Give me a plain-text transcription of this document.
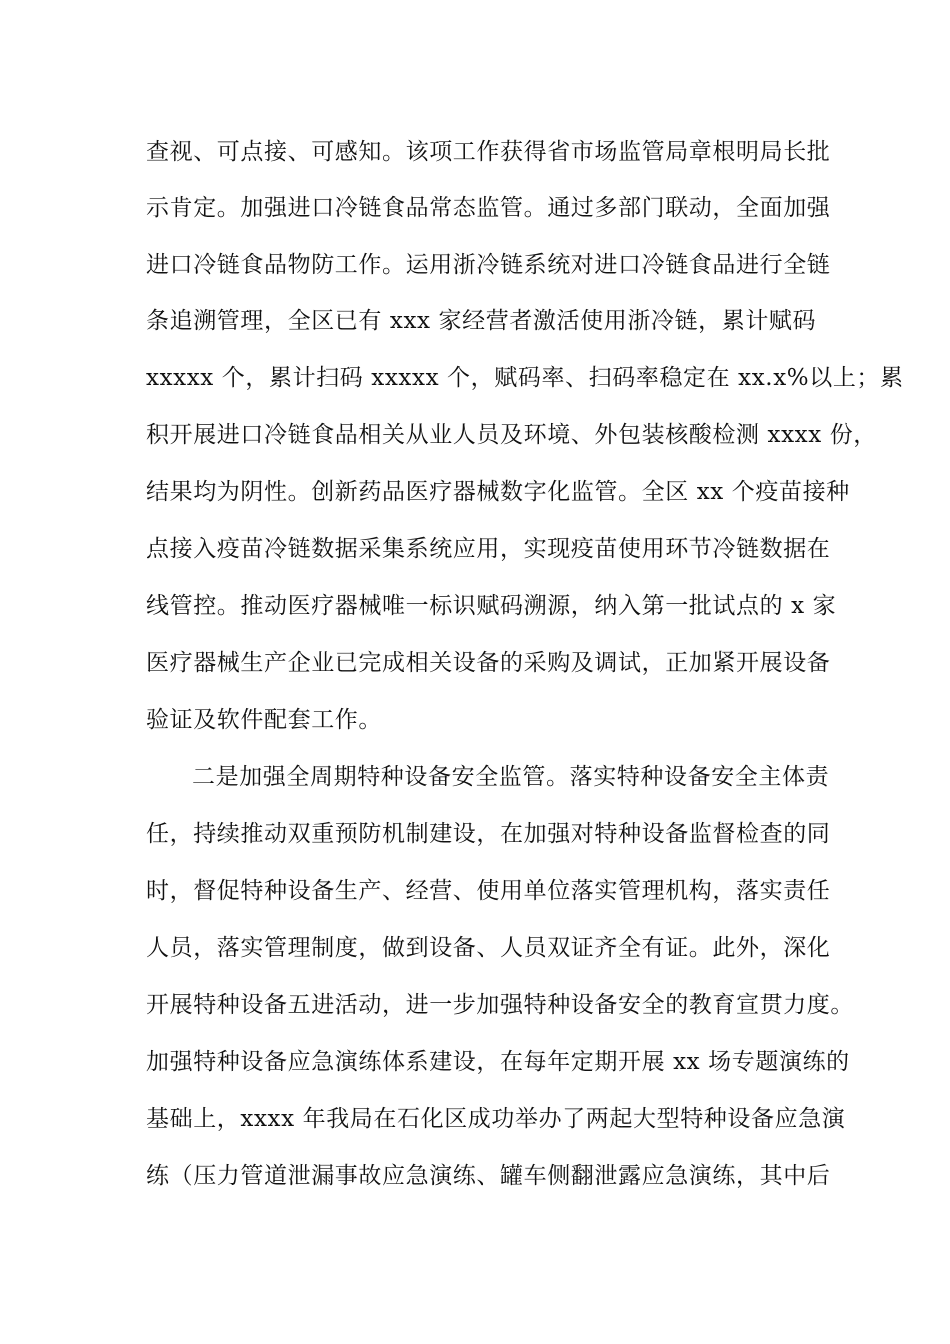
查视、可点接、可感知。该项工作获得省市场监管局章根明局长批
示肯定。加强进口冷链食品常态监管。通过多部门联动，全面加强
进口冷链食品物防工作。运用浙冷链系统对进口冷链食品进行全链
条追溯管理，全区已有 xxx 家经营者激活使用浙冷链，累计赋码
xxxxx 个，累计扫码 xxxxx 个，赋码率、扫码率稳定在 xx.x%以上；累
积开展进口冷链食品相关从业人员及环境、外包装核酸检测 xxxx 份，
结果均为阴性。创新药品医疗器械数字化监管。全区 xx 个疫苗接种
点接入疫苗冷链数据采集系统应用，实现疫苗使用环节冷链数据在
线管控。推动医疗器械唯一标识赋码溯源，纳入第一批试点的 x 家
医疗器械生产企业已完成相关设备的采购及调试，正加紧开展设备
验证及软件配套工作。
二是加强全周期特种设备安全监管。落实特种设备安全主体责
任，持续推动双重预防机制建设，在加强对特种设备监督检查的同
时，督促特种设备生产、经营、使用单位落实管理机构，落实责任
人员，落实管理制度，做到设备、人员双证齐全有证。此外，深化
开展特种设备五进活动，进一步加强特种设备安全的教育宣贯力度。
加强特种设备应急演练体系建设，在每年定期开展 xx 场专题演练的
基础上，xxxx 年我局在石化区成功举办了两起大型特种设备应急演
练（压力管道泄漏事故应急演练、罐车侧翻泄露应急演练，其中后
